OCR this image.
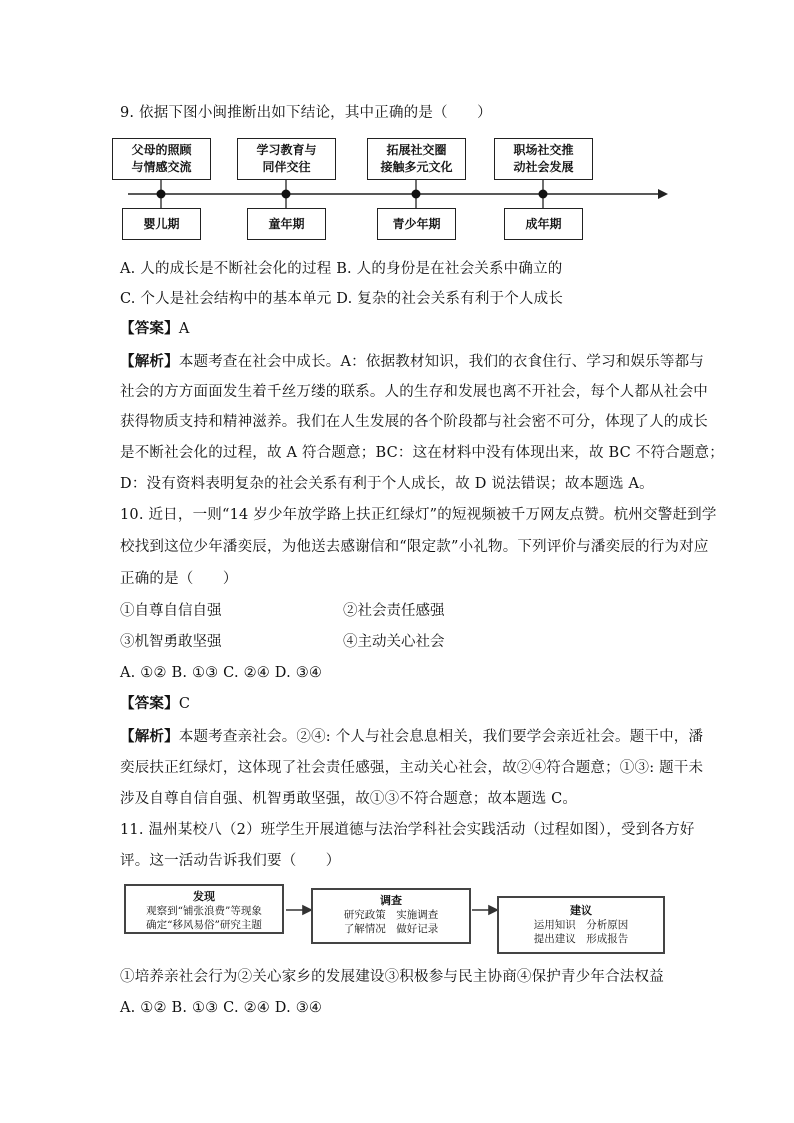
9. 依据下图小闽推断出如下结论，其中正确的是（　　）
父母的照顾
与情感交流
学习教育与
同伴交往
拓展社交圈
接触多元文化
职场社交推
动社会发展
婴儿期	童年期	青少年期	成年期
A. 人的成长是不断社会化的过程 B. 人的身份是在社会关系中确立的
C. 个人是社会结构中的基本单元 D. 复杂的社会关系有利于个人成长
【答案】A
【解析】本题考查在社会中成长。A：依据教材知识，我们的衣食住行、学习和娱乐等都与
社会的方方面面发生着千丝万缕的联系。人的生存和发展也离不开社会，每个人都从社会中
获得物质支持和精神滋养。我们在人生发展的各个阶段都与社会密不可分，体现了人的成长
是不断社会化的过程，故 A 符合题意；BC：这在材料中没有体现出来，故 BC 不符合题意；
D：没有资料表明复杂的社会关系有利于个人成长，故 D 说法错误；故本题选 A。
10. 近日，一则“14 岁少年放学路上扶正红绿灯”的短视频被千万网友点赞。杭州交警赶到学
校找到这位少年潘奕辰，为他送去感谢信和“限定款”小礼物。下列评价与潘奕辰的行为对应
正确的是（　　）
①自尊自信自强	②社会责任感强
③机智勇敢坚强	④主动关心社会
A. ①② B. ①③ C. ②④ D. ③④
【答案】C
【解析】本题考查亲社会。②④: 个人与社会息息相关，我们要学会亲近社会。题干中，潘
奕辰扶正红绿灯，这体现了社会责任感强，主动关心社会，故②④符合题意；①③: 题干未
涉及自尊自信自强、机智勇敢坚强，故①③不符合题意；故本题选 C。
11. 温州某校八（2）班学生开展道德与法治学科社会实践活动（过程如图），受到各方好
评。这一活动告诉我们要（　　）
发现
观察到“铺张浪费”等现象
确定“移风易俗”研究主题
调查
研究政策　实施调查
了解情况　做好记录
建议
运用知识　分析原因
提出建议　形成报告
①培养亲社会行为②关心家乡的发展建设③积极参与民主协商④保护青少年合法权益
A. ①② B. ①③ C. ②④ D. ③④
